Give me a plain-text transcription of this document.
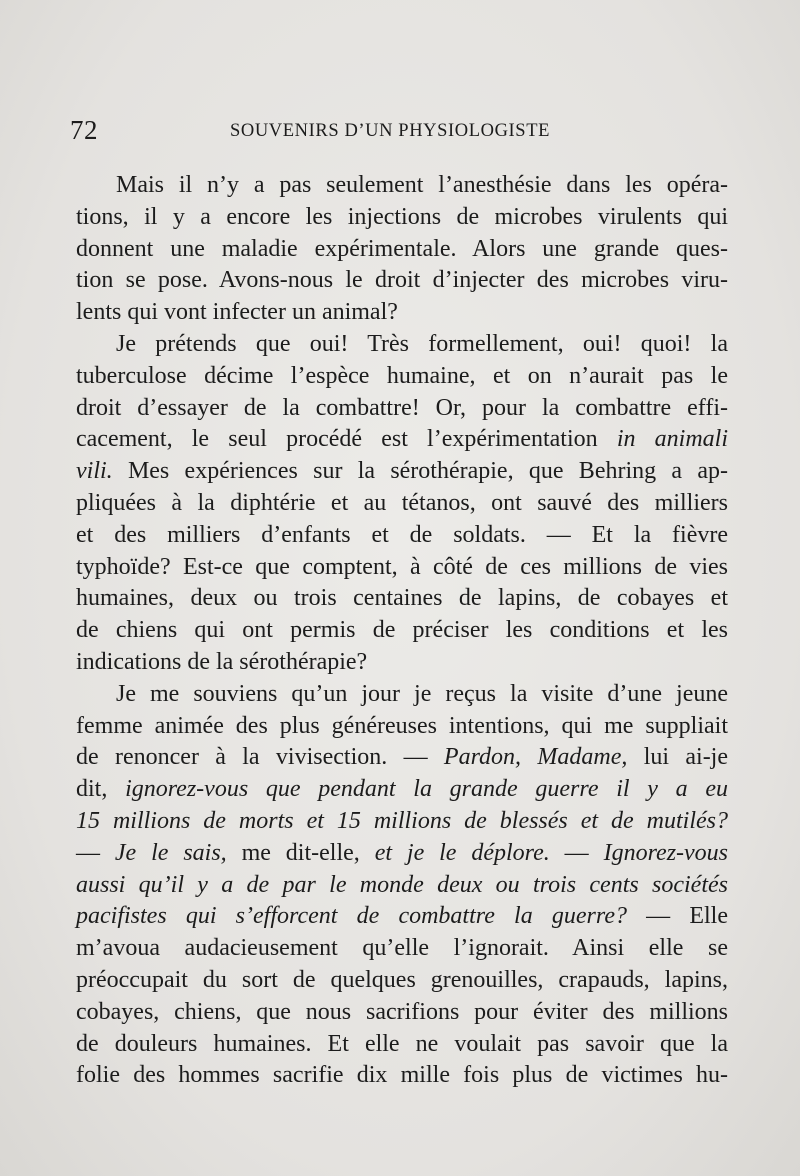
72	SOUVENIRS D’UN PHYSIOLOGISTE
Mais il n’y a pas seulement l’anesthésie dans les opéra-
tions, il y a encore les injections de microbes virulents qui
donnent une maladie expérimentale. Alors une grande ques-
tion se pose. Avons-nous le droit d’injecter des microbes viru-
lents qui vont infecter un animal?
Je prétends que oui! Très formellement, oui! quoi! la
tuberculose décime l’espèce humaine, et on n’aurait pas le
droit d’essayer de la combattre! Or, pour la combattre effi-
cacement, le seul procédé est l’expérimentation in animali
vili. Mes expériences sur la sérothérapie, que Behring a ap-
pliquées à la diphtérie et au tétanos, ont sauvé des milliers
et des milliers d’enfants et de soldats. — Et la fièvre
typhoïde? Est-ce que comptent, à côté de ces millions de vies
humaines, deux ou trois centaines de lapins, de cobayes et
de chiens qui ont permis de préciser les conditions et les
indications de la sérothérapie?
Je me souviens qu’un jour je reçus la visite d’une jeune
femme animée des plus généreuses intentions, qui me suppliait
de renoncer à la vivisection. — Pardon, Madame, lui ai-je
dit, ignorez-vous que pendant la grande guerre il y a eu
15 millions de morts et 15 millions de blessés et de mutilés?
— Je le sais, me dit-elle, et je le déplore. — Ignorez-vous
aussi qu’il y a de par le monde deux ou trois cents sociétés
pacifistes qui s’efforcent de combattre la guerre? — Elle
m’avoua audacieusement qu’elle l’ignorait. Ainsi elle se
préoccupait du sort de quelques grenouilles, crapauds, lapins,
cobayes, chiens, que nous sacrifions pour éviter des millions
de douleurs humaines. Et elle ne voulait pas savoir que la
folie des hommes sacrifie dix mille fois plus de victimes hu-
